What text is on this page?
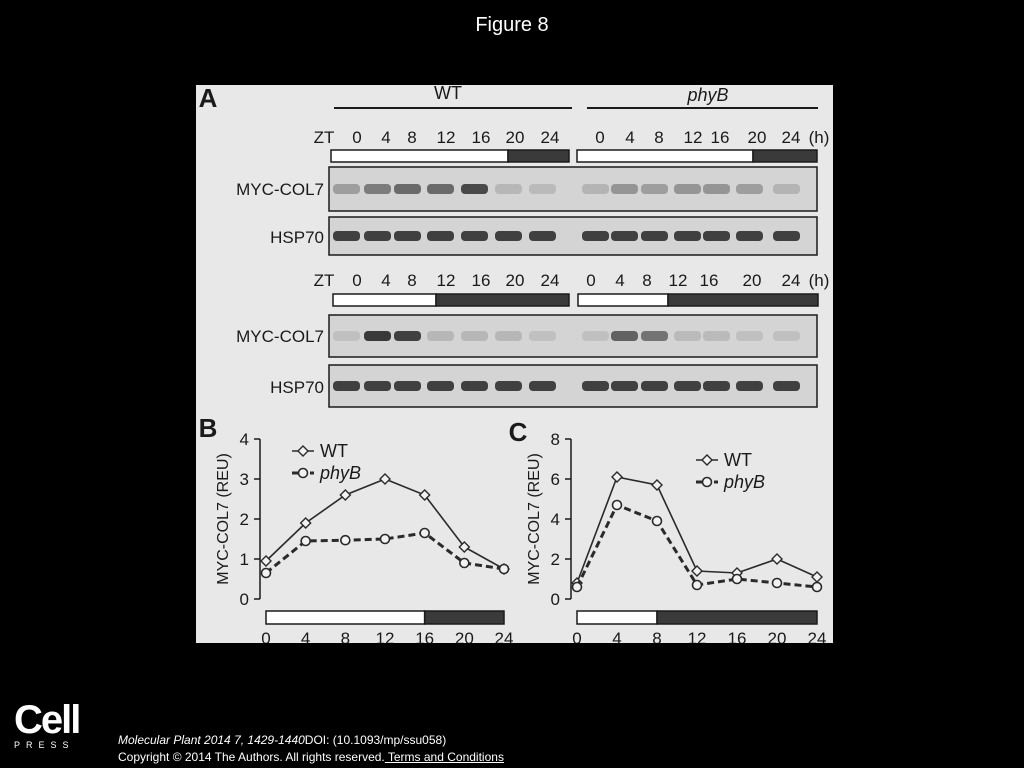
Figure 8
A	WT	phyB
ZT 0 4 8 12 16 20 24 0 4 8 12 16 20 24 (h)
ZT 0 4 8 12 16 20 24 0 4 8 12 16 20 24 (h)
MYC-COL7
HSP70
MYC-COL7
HSP70
B
0
1
2
3
4
MYC-COL7 (REU)
0 4 8 12 16 20 24
C
0
2
4
6
8
MYC-COL7 (REU)
0 4 8 12 16 20 24
WT
phyB
WT
phyB
Cell
PRESS	Molecular Plant 2014 7, 1429-1440DOI: (10.1093/mp/ssu058)
Copyright © 2014 The Authors. All rights reserved. Terms and Conditions
